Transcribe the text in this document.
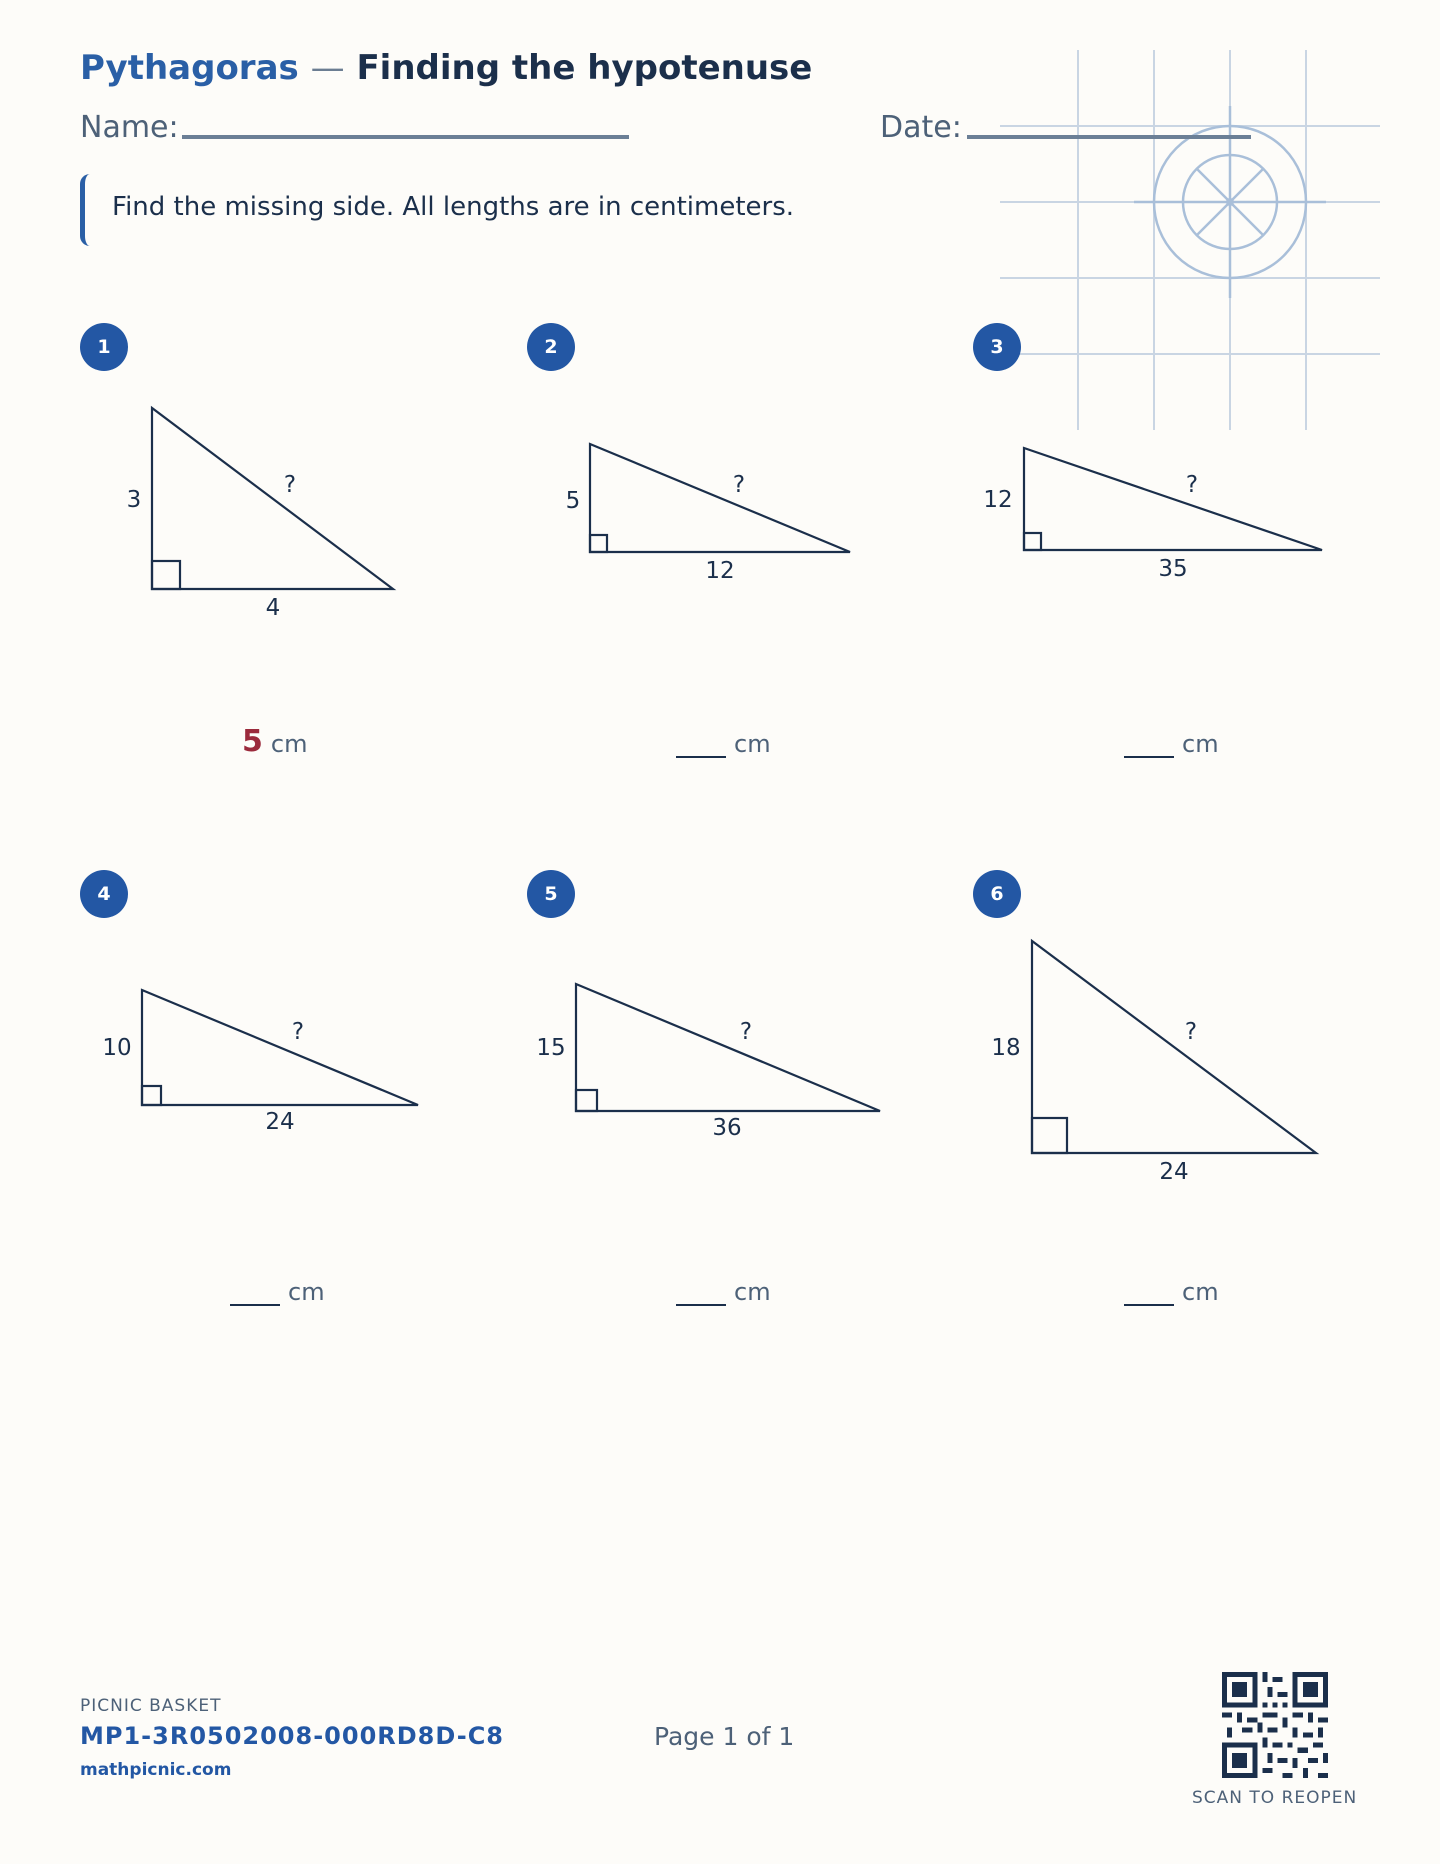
Pythagoras — Finding the hypotenuse
Name:	Date:
Find the missing side. All lengths are in centimeters.
1	2	3
4	5	6
3
?
4
5
?
12
12
?
35
10
?
24
15
?
36
18
?
24
5 cm	cm	cm
cm	cm	cm
PICNIC BASKET
MP1-3R0502008-000RD8D-C8
mathpicnic.com
Page 1 of 1
SCAN TO REOPEN
